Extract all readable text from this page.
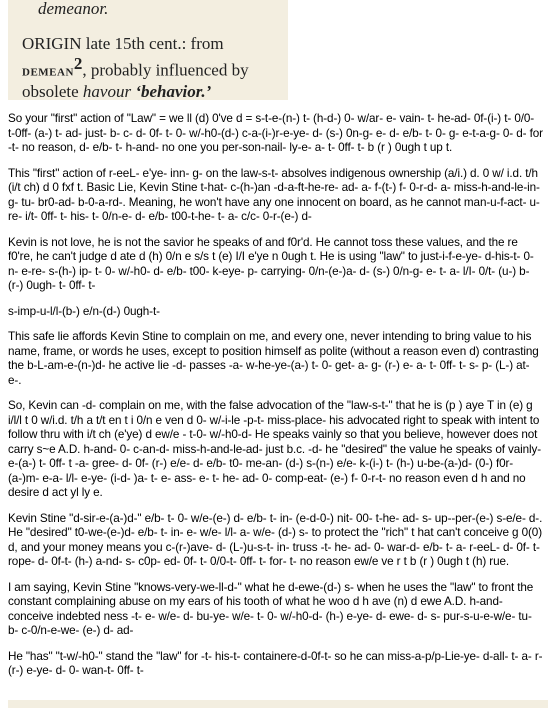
demeanor.
ORIGIN late 15th cent.: from demean$^2$, probably influenced by obsolete havour ‘behavior.’

So your "first" action of "Law" = we ll (d) 0've d = s-t-e-(n-) t- (h-d-) 0- w/ar- e- vain- t- he-ad- 0f-(i-) t- 0/0- t-0ff- (a-) t- ad- just- b- c- d- 0f- t- 0- w/-h0-(d-) c-a-(i-)r-e-ye- d- (s-) 0n-g- e- d- e/b- t- 0- g- e-t-a-g- 0- d- for -t- no reason, d- e/b- t- h-and- no one you per-son-nail- ly-e- a- t- 0ff- t- b (r ) 0ugh t up t.

This "first" action of r-eeL- e'ye- inn- g- on the law-s-t- absolves indigenous ownership (a/i.) d. 0 w/ i.d. t/h (i/t ch) d 0 fxf t. Basic Lie, Kevin Stine t-hat- c-(h-)an -d-a-ft-he-re- ad- a- f-(t-) f- 0-r-d- a- miss-h-and-le-in-g- tu- br0-ad- b-0-a-rd-. Meaning, he won't have any one innocent on board, as he cannot man-u-f-act- u- re- i/t- 0ff- t- his- t- 0/n-e- d- e/b- t00-t-he- t- a- c/c- 0-r-(e-) d-

Kevin is not love, he is not the savior he speaks of and f0r'd. He cannot toss these values, and the re f0're, he can't judge d ate d (h) 0/n e s/s t (e) I/I e'ye n 0ugh t. He is using "law" to just-i-f-e-ye- d-his-t- 0- n- e-re- s-(h-) ip- t- 0- w/-h0- d- e/b- t00- k-eye- p- carrying- 0/n-(e-)a- d- (s-) 0/n-g- e- t- a- l/I- 0/t- (u-) b- (r-) 0ugh- t- 0ff- t-

s-imp-u-l/l-(b-) e/n-(d-) 0ugh-t-

This safe lie affords Kevin Stine to complain on me, and every one, never intending to bring value to his name, frame, or words he uses, except to position himself as polite (without a reason even d) contrasting the b-L-am-e-(n-)d- he active lie -d- passes -a- w-he-ye-(a-) t- 0- get- a- g- (r-) e- a- t- 0ff- t- s- p- (L-) at- e-.

So, Kevin can -d- complain on me, with the false advocation of the "law-s-t-" that he is (p ) aye T in (e) g i/l/l t 0 w/i.d. t/h a t/t en t i 0/n e ven d 0- w/-i-le -p-t- miss-place- his advocated right to speak with intent to follow thru with i/t ch (e'ye) d ew/e - t-0- w/-h0-d- He speaks vainly so that you believe, however does not carry s~e A.D. h-and- 0- c-an-d- miss-h-and-le-ad- just b.c. -d- he "desired" the value he speaks of vainly-e-(a-) t- 0ff- t -a- gree- d- 0f- (r-) e/e- d- e/b- t0- me-an- (d-) s-(n-) e/e- k-(i-) t- (h-) u-be-(a-)d- (0-) f0r-(a-)m- e-a- l/l- e-ye- (i-d- )a- t- e- ass- e- t- he- ad- 0- comp-eat- (e-) f- 0-r-t- no reason even d h and no desire d act yl ly e.

Kevin Stine "d-sir-e-(a-)d-" e/b- t- 0- w/e-(e-) d- e/b- t- in- (e-d-0-) nit- 00- t-he- ad- s- up--per-(e-) s-e/e- d-. He "desired" t0-we-(e-)d- e/b- t- in- e- w/e- l/l- a- w/e- (d-) s- to protect the "rich" t hat can't conceive g 0(0) d, and your money means you c-(r-)ave- d- (L-)u-s-t- in- truss -t- he- ad- 0- war-d- e/b- t- a- r-eeL- d- 0f- t- rope- d- 0f-t- (h-) a-nd- s- c0p- ed- 0f- t- 0/0-t- 0ff- t- for- t- no reason ew/e ve r t b (r ) 0ugh t (h) rue.

I am saying, Kevin Stine "knows-very-we-ll-d-" what he d-ewe-(d-) s- when he uses the "law" to front the constant complaining abuse on my ears of his tooth of what he woo d h ave (n) d ewe A.D. h-and- conceive indebted ness -t- e- w/e- d- bu-ye- w/e- t- 0- w/-h0-d- (h-) e-ye- d- ewe- d- s- pur-s-u-e-w/e- tu- b- c-0/n-e-we- (e-) d- ad-

He "has" "t-w/-h0-" stand the "law" for -t- his-t- containere-d-0f-t- so he can miss-a-p/p-Lie-ye- d-all- t- a- r-(r-) e-ye- d- 0- wan-t- 0ff- t-
